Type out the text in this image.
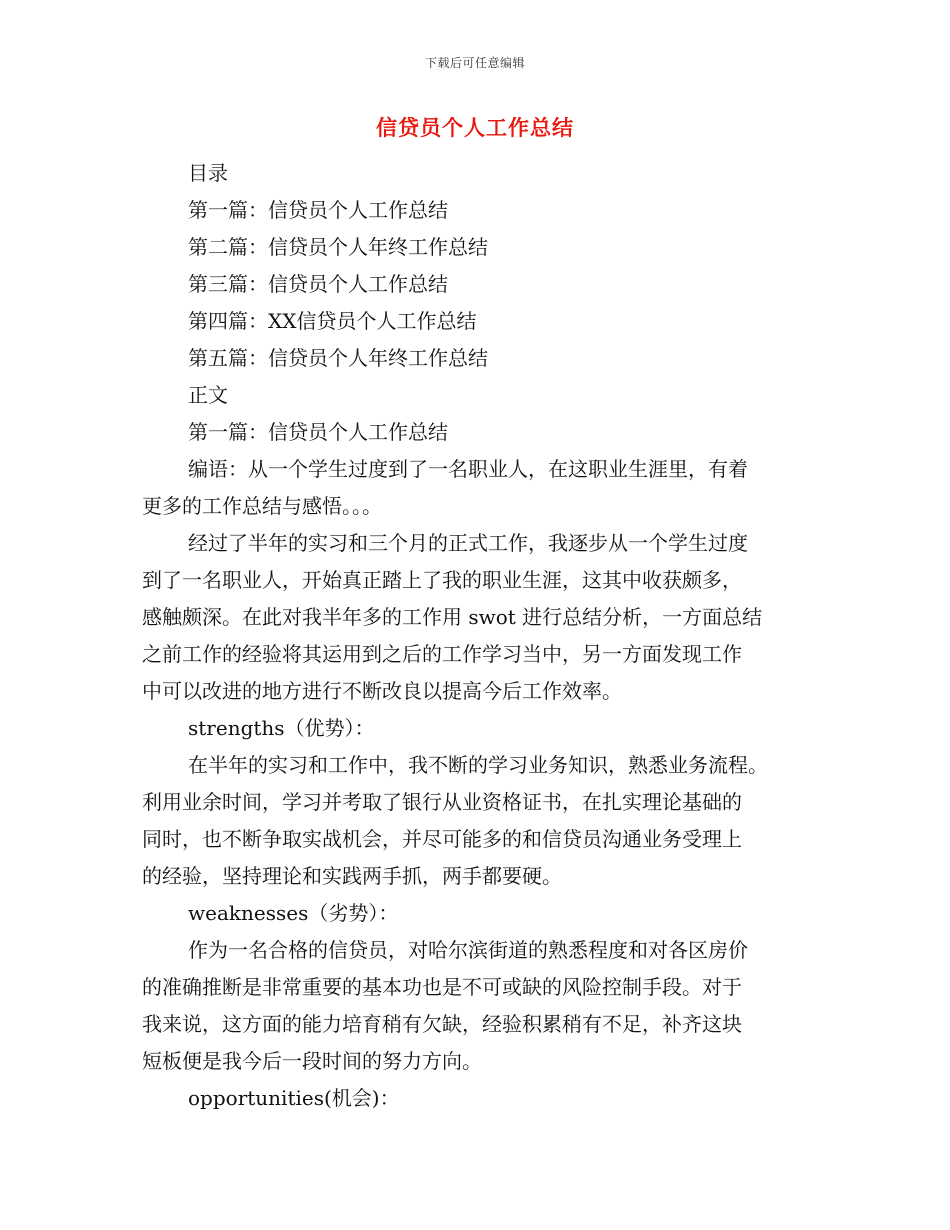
下载后可任意编辑
信贷员个人工作总结
目录
第一篇：信贷员个人工作总结
第二篇：信贷员个人年终工作总结
第三篇：信贷员个人工作总结
第四篇：XX信贷员个人工作总结
第五篇：信贷员个人年终工作总结
正文
第一篇：信贷员个人工作总结
编语：从一个学生过度到了一名职业人，在这职业生涯里，有着
更多的工作总结与感悟。。。
经过了半年的实习和三个月的正式工作，我逐步从一个学生过度
到了一名职业人，开始真正踏上了我的职业生涯，这其中收获颇多，
感触颇深。在此对我半年多的工作用 swot 进行总结分析，一方面总结
之前工作的经验将其运用到之后的工作学习当中，另一方面发现工作
中可以改进的地方进行不断改良以提高今后工作效率。
strengths（优势）：
在半年的实习和工作中，我不断的学习业务知识，熟悉业务流程。
利用业余时间，学习并考取了银行从业资格证书，在扎实理论基础的
同时，也不断争取实战机会，并尽可能多的和信贷员沟通业务受理上
的经验，坚持理论和实践两手抓，两手都要硬。
weaknesses（劣势）：
作为一名合格的信贷员，对哈尔滨街道的熟悉程度和对各区房价
的准确推断是非常重要的基本功也是不可或缺的风险控制手段。对于
我来说，这方面的能力培育稍有欠缺，经验积累稍有不足，补齐这块
短板便是我今后一段时间的努力方向。
opportunities(机会)：
